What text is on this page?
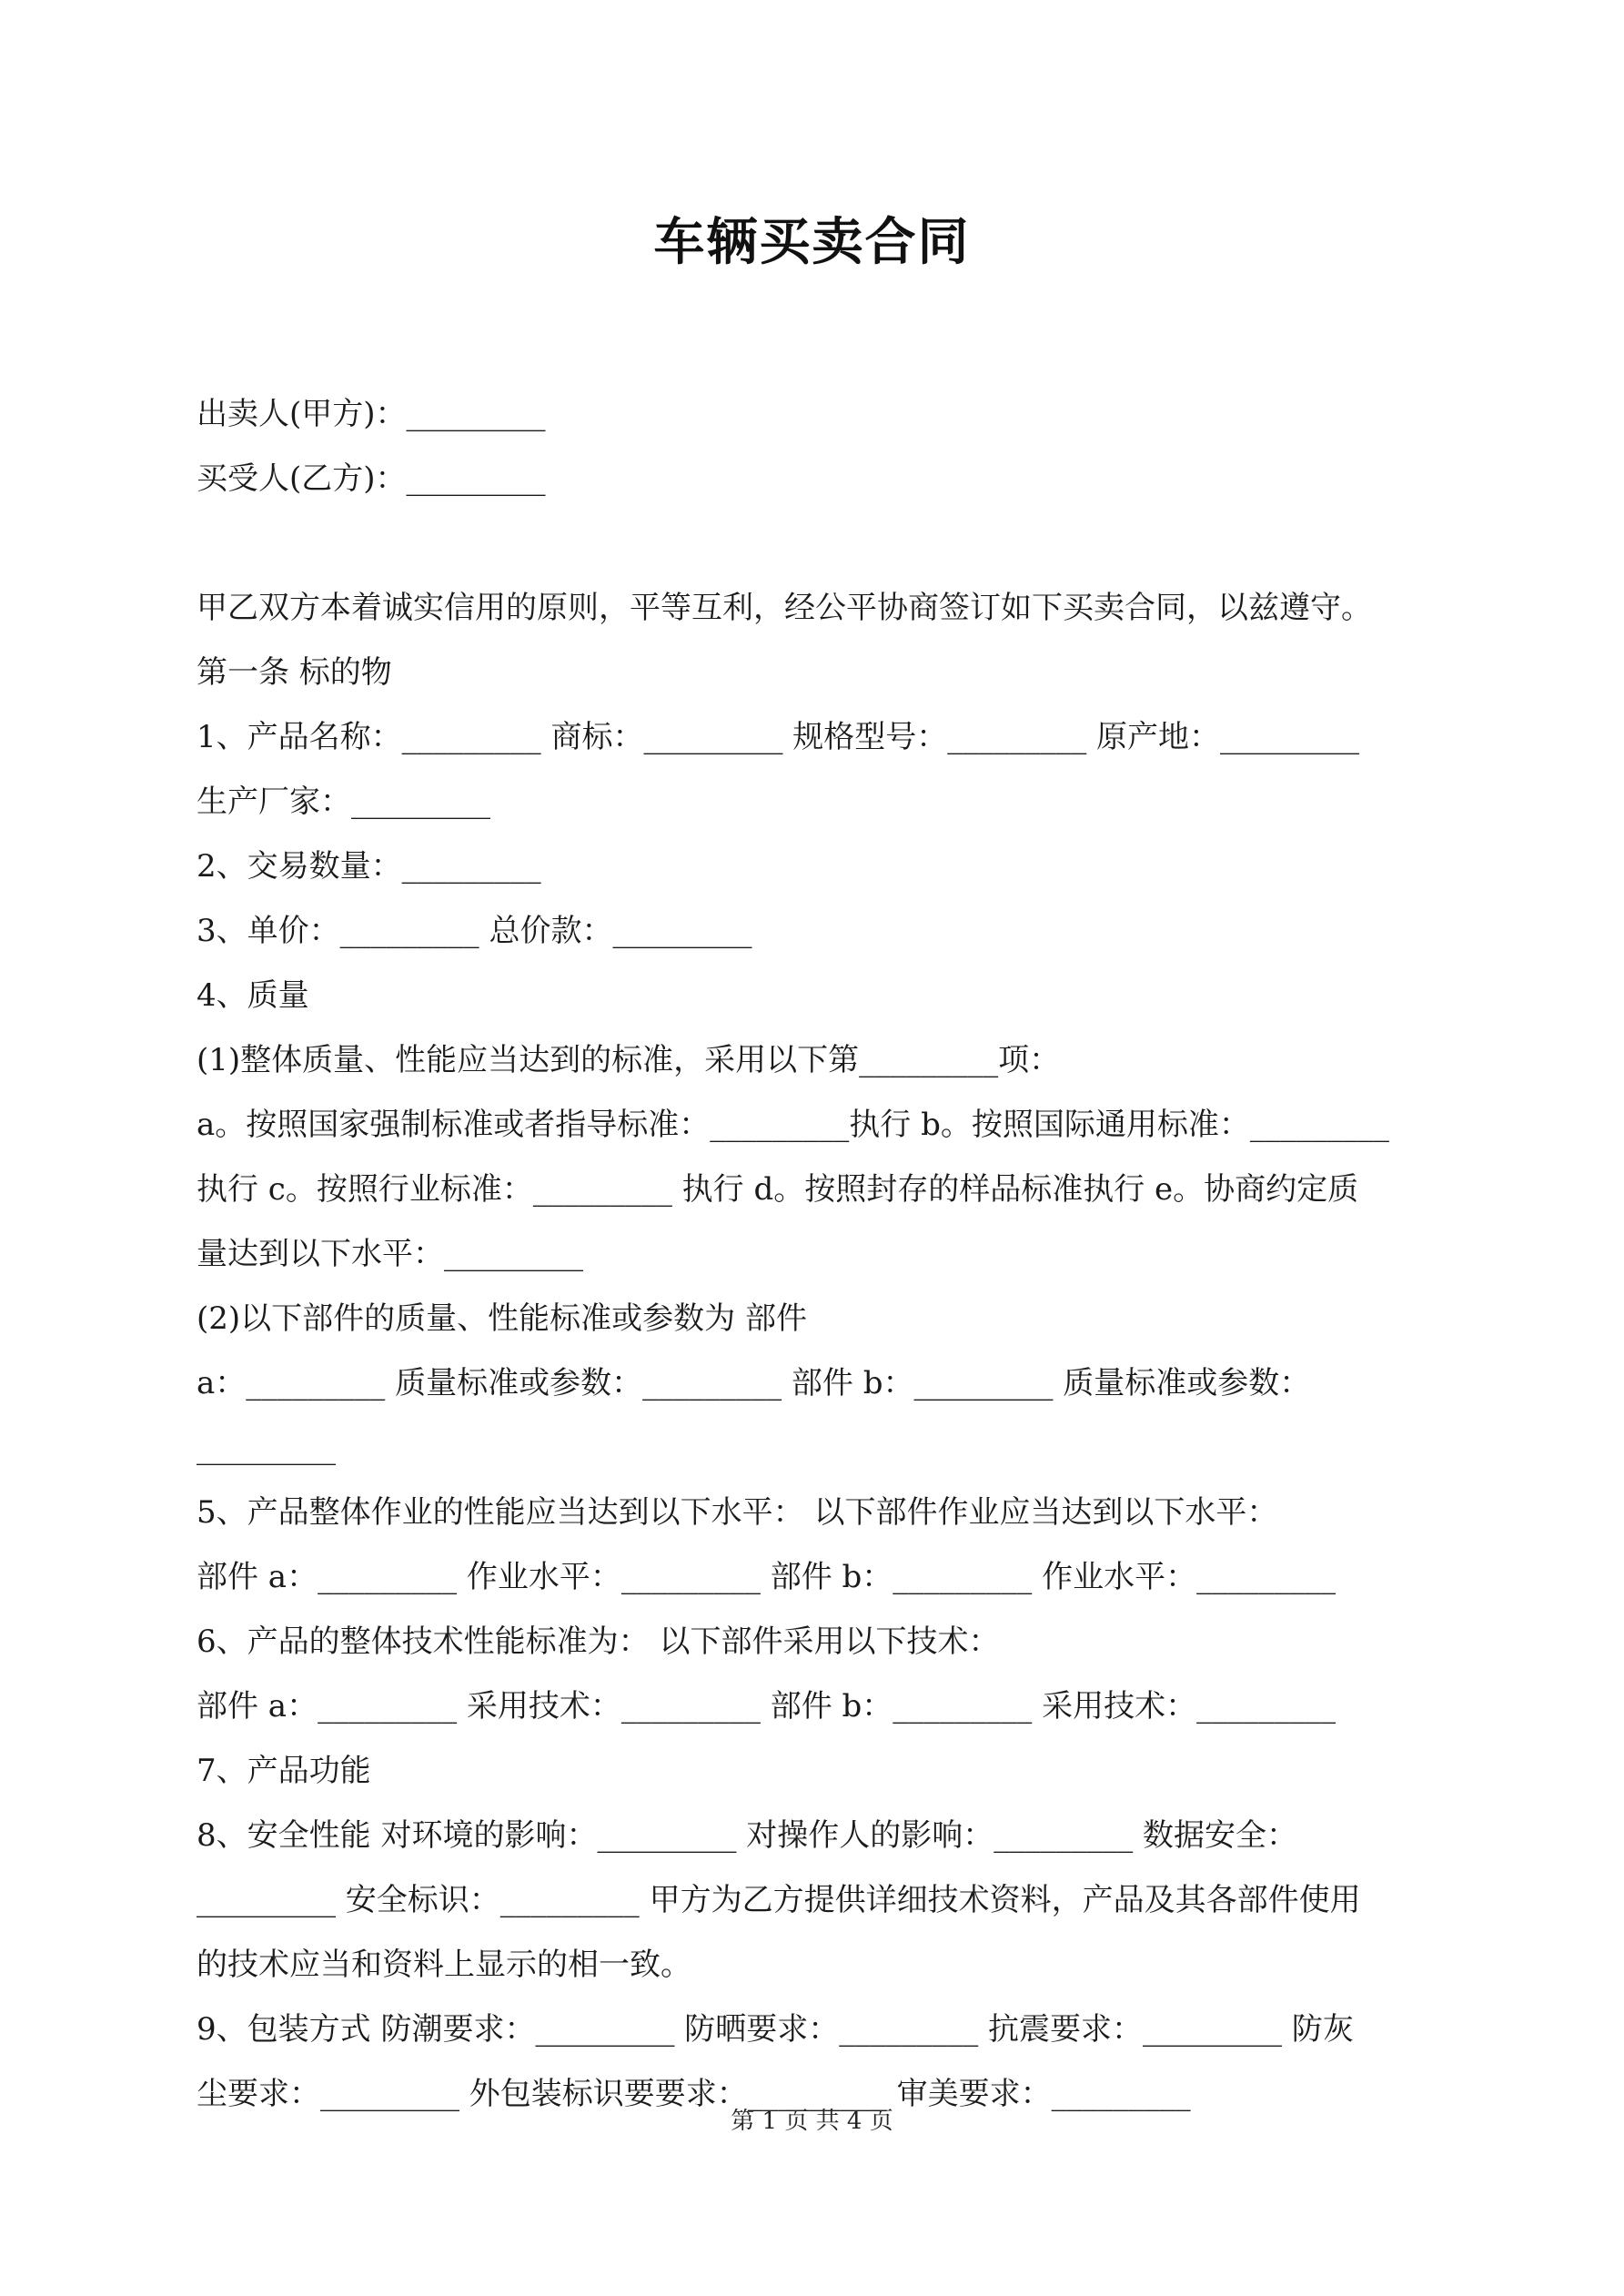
车辆买卖合同

出卖人(甲方)：_________

买受人(乙方)：_________

甲乙双方本着诚实信用的原则，平等互利，经公平协商签订如下买卖合同，以兹遵守。

第一条 标的物

1、产品名称：_________ 商标：_________ 规格型号：_________ 原产地：_________

生产厂家：_________

2、交易数量：_________

3、单价：_________ 总价款：_________

4、质量

(1)整体质量、性能应当达到的标准，采用以下第_________项：

a。按照国家强制标准或者指导标准：_________执行 b。按照国际通用标准：_________

执行 c。按照行业标准：_________ 执行 d。按照封存的样品标准执行 e。协商约定质

量达到以下水平：_________

(2)以下部件的质量、性能标准或参数为 部件

a：_________ 质量标准或参数：_________ 部件 b：_________ 质量标准或参数：

_________

5、产品整体作业的性能应当达到以下水平： 以下部件作业应当达到以下水平：

部件 a：_________ 作业水平：_________ 部件 b：_________ 作业水平：_________

6、产品的整体技术性能标准为： 以下部件采用以下技术：

部件 a：_________ 采用技术：_________ 部件 b：_________ 采用技术：_________

7、产品功能

8、安全性能 对环境的影响：_________ 对操作人的影响：_________ 数据安全：

_________ 安全标识：_________ 甲方为乙方提供详细技术资料，产品及其各部件使用

的技术应当和资料上显示的相一致。

9、包装方式 防潮要求：_________ 防晒要求：_________ 抗震要求：_________ 防灰

尘要求：_________ 外包装标识要要求：_________ 审美要求：_________

第 1 页 共 4 页
